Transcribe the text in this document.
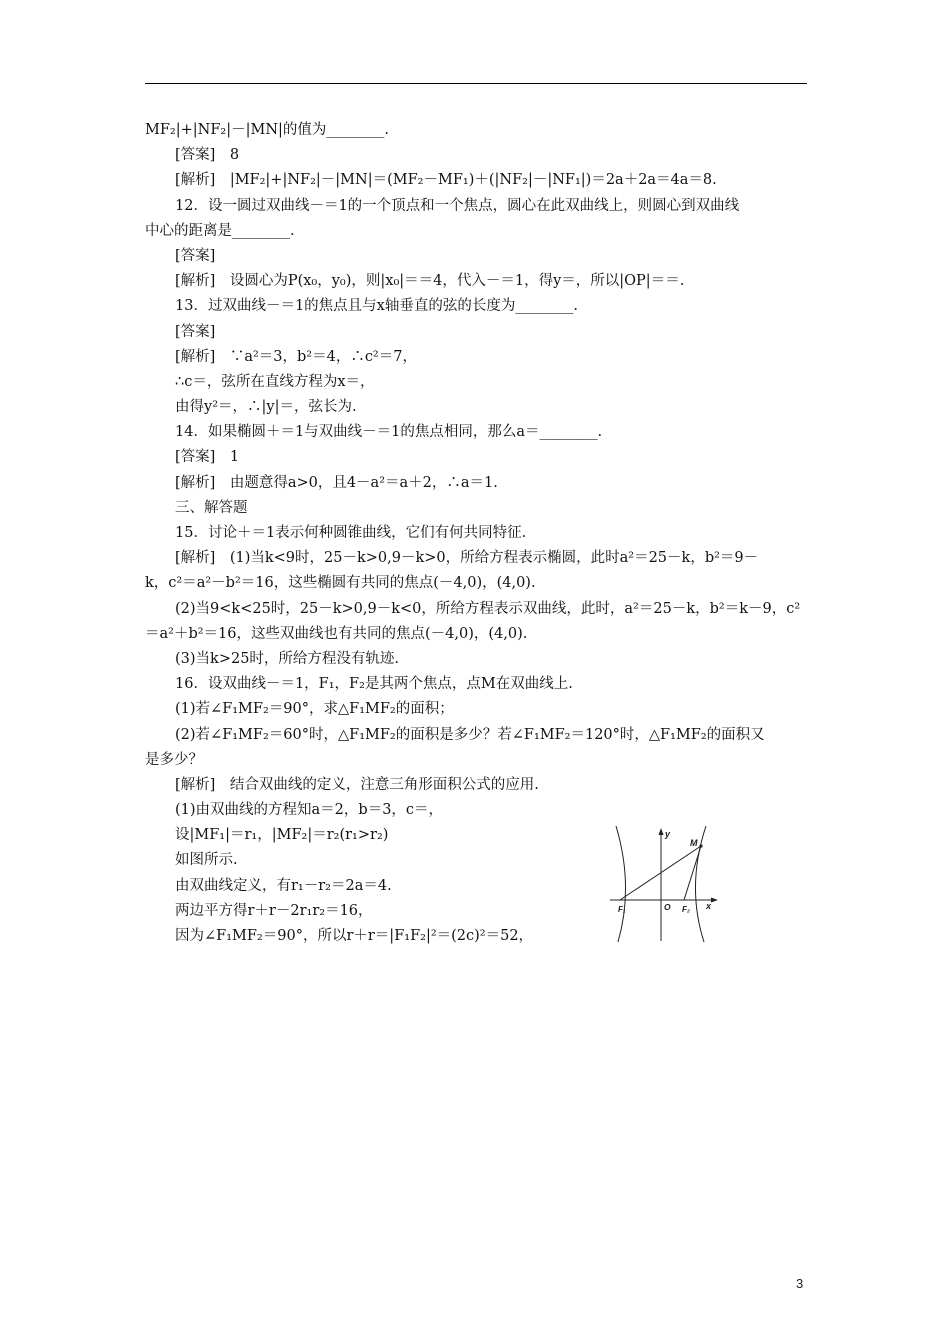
MF₂|+|NF₂|－|MN|的值为________.
[答案]　8
[解析]　|MF₂|+|NF₂|－|MN|＝(MF₂－MF₁)＋(|NF₂|－|NF₁|)＝2a＋2a＝4a＝8.
12．设一圆过双曲线－＝1的一个顶点和一个焦点，圆心在此双曲线上，则圆心到双曲线
中心的距离是________.
[答案]
[解析]　设圆心为P(x₀，y₀)，则|x₀|＝＝4，代入－＝1，得y＝，所以|OP|＝＝.
13．过双曲线－＝1的焦点且与x轴垂直的弦的长度为________.
[答案]
[解析]　∵a²＝3，b²＝4，∴c²＝7，
∴c＝，弦所在直线方程为x＝，
由得y²＝，∴|y|＝，弦长为.
14．如果椭圆＋＝1与双曲线－＝1的焦点相同，那么a＝________.
[答案]　1
[解析]　由题意得a>0，且4－a²＝a＋2，∴a＝1.
三、解答题
15．讨论＋＝1表示何种圆锥曲线，它们有何共同特征.
[解析]　(1)当k<9时，25－k>0,9－k>0，所给方程表示椭圆，此时a²＝25－k，b²＝9－
k，c²＝a²－b²＝16，这些椭圆有共同的焦点(－4,0)，(4,0).
(2)当9<k<25时，25－k>0,9－k<0，所给方程表示双曲线，此时，a²＝25－k，b²＝k－9，c²
＝a²＋b²＝16，这些双曲线也有共同的焦点(－4,0)，(4,0).
(3)当k>25时，所给方程没有轨迹.
16．设双曲线－＝1，F₁，F₂是其两个焦点，点M在双曲线上.
(1)若∠F₁MF₂＝90°，求△F₁MF₂的面积；
(2)若∠F₁MF₂＝60°时，△F₁MF₂的面积是多少？若∠F₁MF₂＝120°时，△F₁MF₂的面积又
是多少？
[解析]　结合双曲线的定义，注意三角形面积公式的应用.
(1)由双曲线的方程知a＝2，b＝3，c＝，
设|MF₁|＝r₁，|MF₂|＝r₂(r₁>r₂)
如图所示.
由双曲线定义，有r₁－r₂＝2a＝4.
两边平方得r＋r－2r₁r₂＝16，
因为∠F₁MF₂＝90°，所以r＋r＝|F₁F₂|²＝(2c)²＝52，
y
x
M
O
F₁	F₂
3
